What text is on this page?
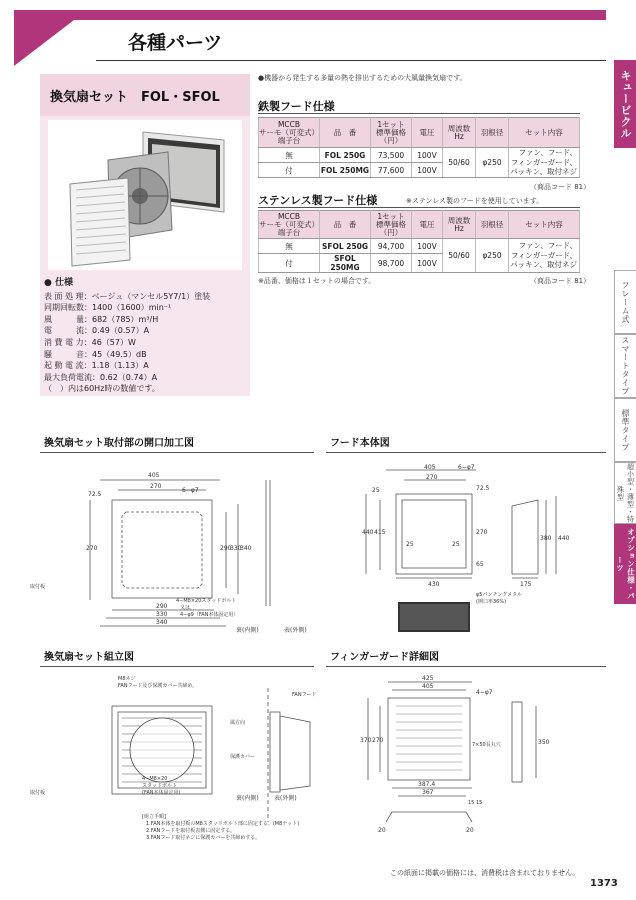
各種パーツ
キュービクル
フレーム式
スマートタイプ
標準タイプ
超小型・薄型・特殊型
オプション仕様・パーツ
換気扇セット　FOL・SFOL
● 仕様
表 面 処 理：ベージュ（マンセル5Y7/1）塗装
同期回転数：1400（1600）min⁻¹
風　　　量：682（785）m³/H
電　　　流：0.49（0.57）A
消 費 電 力：46（57）W
騒　　　音：45（49.5）dB
起 動 電 流：1.18（1.13）A
最大負荷電流：0.62（0.74）A
（　）内は60Hz時の数値です。
●機器から発生する多量の熱を排出するための大風量換気扇です。
鉄製フード仕様
MCCB
サーモ（可変式）
端子台	品　番	1セット
標準価格
（円）	電圧	周波数
Hz	羽根径	セット内容
無	FOL 250G	73,500	100V	50/60	φ250	ファン、フード、
フィンガーガード、
パッキン、取付ネジ
付	FOL 250MG	77,600	100V			
（商品コード 81）
ステンレス製フード仕様	※ステンレス製のフードを使用しています。
MCCB
サーモ（可変式）
端子台	品　番	1セット
標準価格
（円）	電圧	周波数
Hz	羽根径	セット内容
無	SFOL 250G	94,700	100V	50/60	φ250	ファン、フード、
フィンガーガード、
パッキン、取付ネジ
付	SFOL 250MG	98,700	100V			
※品番、価格は１セットの場合です。	（商品コード 81）
換気扇セット取付部の開口加工図	フード本体図
換気扇セット組立図	フィンガーガード詳細図
405
270
6−φ7
72.5
270	290
330
340
290
330
340
取付板
4−M8×20スタッドボルト
又は、
4−φ9（FAN本体固定用）
裏(内側)	表(外側)
405
270
6−φ7
72.5
25
440 415
25	25
270
65
430
380 440
175
φ5パンチングメタル
(開口率36%)
M8ネジ
FANフード及び保護カバー共締め。
FANフード
風方向
保護カバー
4−M8×20
スタッドボルト
(FAN本体固定用)
取付板
裏(内側)	表(外側)
[組立手順]
1.FAN本体を取付板のM8スタッドボルト部に固定する。(M8ナット)
2.FANフードを取付板表側に固定する。
3.FANフード取付ネジに保護カバーを共締めする。
425
405
4−φ7
370 270
7×50長丸穴	350
387.4
367
15 15
20	20
この紙面に掲載の価格には、消費税は含まれておりません。
1373
